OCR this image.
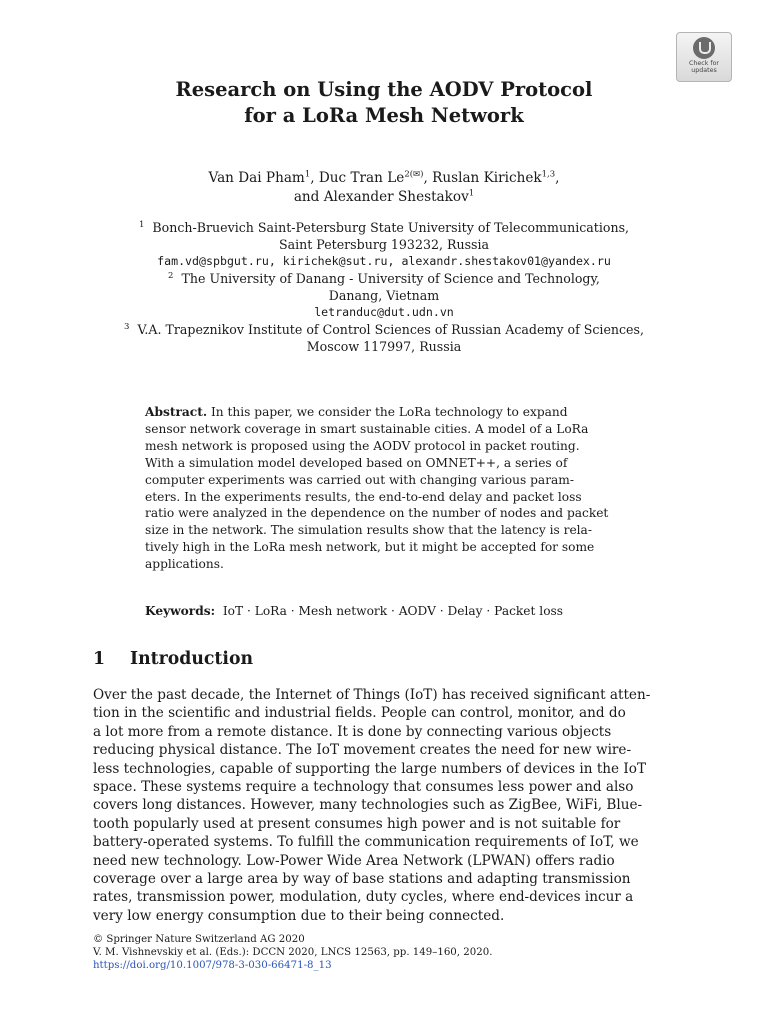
Check for
updates
Research on Using the AODV Protocol
for a LoRa Mesh Network
Van Dai Pham$^1$, Duc Tran $Le^{2(✉)}$, Ruslan Kirichek$^{1,3}$,
and Alexander Shestakov$^1$
$^1$ Bonch-Bruevich Saint-Petersburg State University of Telecommunications,
Saint Petersburg 193232, Russia
fam.vd@spbgut.ru, kirichek@sut.ru, alexandr.shestakov01@yandex.ru
$^2$ The University of Danang - University of Science and Technology,
Danang, Vietnam
letranduc@dut.udn.vn
$^3$ V.A. Trapeznikov Institute of Control Sciences of Russian Academy of Sciences,
Moscow 117997, Russia
Abstract. In this paper, we consider the LoRa technology to expand
sensor network coverage in smart sustainable cities. A model of a LoRa
mesh network is proposed using the AODV protocol in packet routing.
With a simulation model developed based on OMNET++, a series of
computer experiments was carried out with changing various param-
eters. In the experiments results, the end-to-end delay and packet loss
ratio were analyzed in the dependence on the number of nodes and packet
size in the network. The simulation results show that the latency is rela-
tively high in the LoRa mesh network, but it might be accepted for some
applications.
Keywords: IoT · LoRa · Mesh network · AODV · Delay · Packet loss
1 Introduction
Over the past decade, the Internet of Things (IoT) has received significant atten-
tion in the scientific and industrial fields. People can control, monitor, and do
a lot more from a remote distance. It is done by connecting various objects
reducing physical distance. The IoT movement creates the need for new wire-
less technologies, capable of supporting the large numbers of devices in the IoT
space. These systems require a technology that consumes less power and also
covers long distances. However, many technologies such as ZigBee, WiFi, Blue-
tooth popularly used at present consumes high power and is not suitable for
battery-operated systems. To fulfill the communication requirements of IoT, we
need new technology. Low-Power Wide Area Network (LPWAN) offers radio
coverage over a large area by way of base stations and adapting transmission
rates, transmission power, modulation, duty cycles, where end-devices incur a
very low energy consumption due to their being connected.
© Springer Nature Switzerland AG 2020
V. M. Vishnevskiy et al. (Eds.): DCCN 2020, LNCS 12563, pp. 149–160, 2020.
https://doi.org/10.1007/978-3-030-66471-8_13
